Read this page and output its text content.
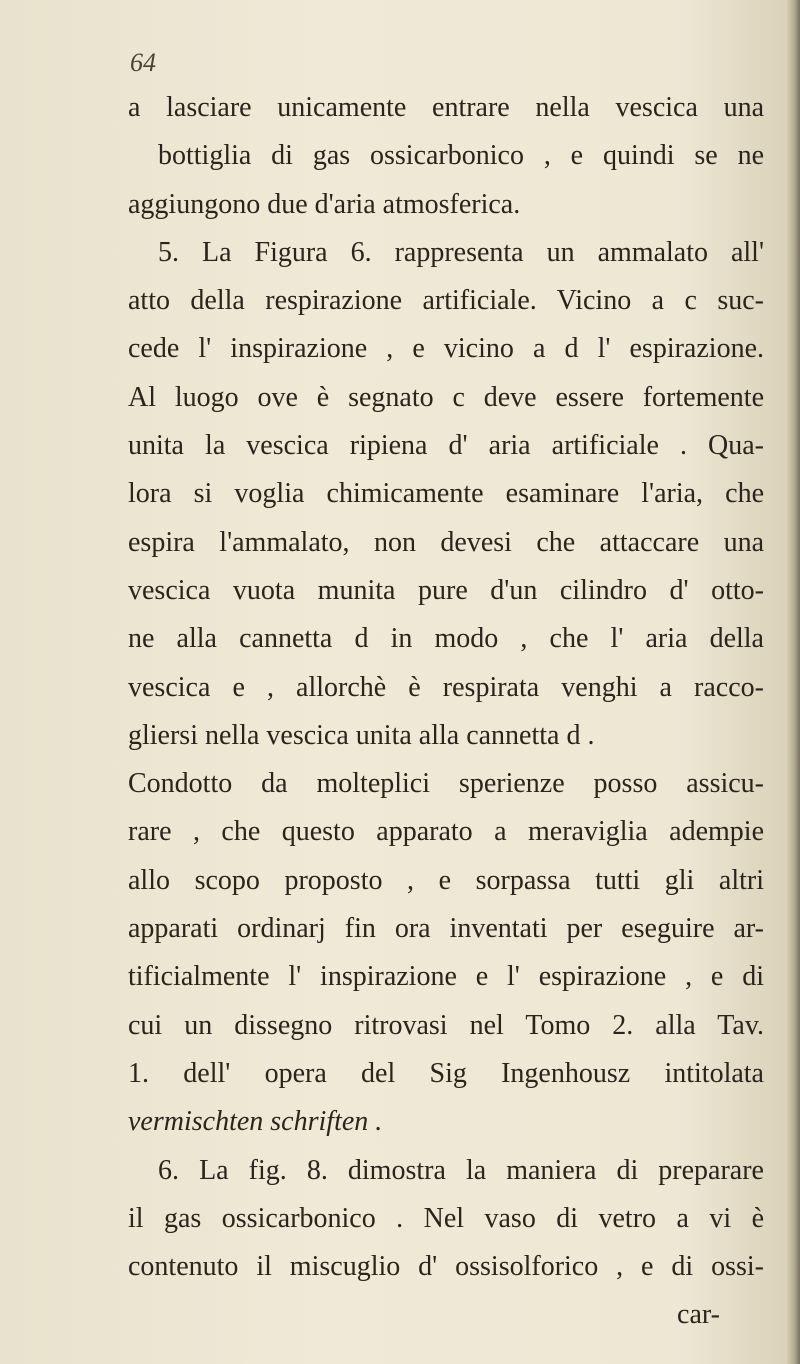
64
a lasciare unicamente entrare nella vescica una
bottiglia di gas ossicarbonico , e quindi se ne
aggiungono due d'aria atmosferica.
5. La Figura 6. rappresenta un ammalato all'
atto della respirazione artificiale. Vicino a c suc-
cede l' inspirazione , e vicino a d l' espirazione.
Al luogo ove è segnato c deve essere fortemente
unita la vescica ripiena d' aria artificiale . Qua-
lora si voglia chimicamente esaminare l'aria, che
espira l'ammalato, non devesi che attaccare una
vescica vuota munita pure d'un cilindro d' otto-
ne alla cannetta d in modo , che l' aria della
vescica e , allorchè è respirata venghi a racco-
gliersi nella vescica unita alla cannetta d .
Condotto da molteplici sperienze posso assicu-
rare , che questo apparato a meraviglia adempie
allo scopo proposto , e sorpassa tutti gli altri
apparati ordinarj fin ora inventati per eseguire ar-
tificialmente l' inspirazione e l' espirazione , e di
cui un dissegno ritrovasi nel Tomo 2. alla Tav.
1. dell' opera del Sig Ingenhousz intitolata
vermischten schriften .
6. La fig. 8. dimostra la maniera di preparare
il gas ossicarbonico . Nel vaso di vetro a vi è
contenuto il miscuglio d' ossisolforico , e di ossi-
car-
